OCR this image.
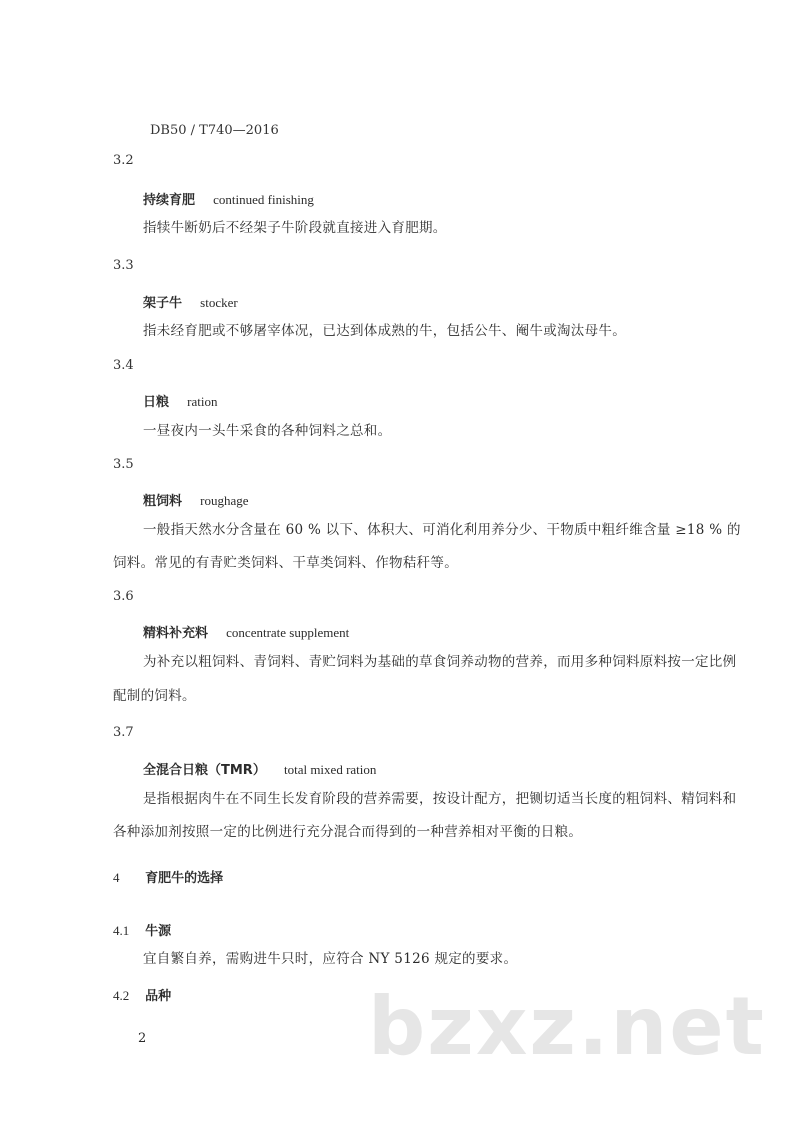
DB50 / T740—2016
3.2
持续育肥 continued finishing
指犊牛断奶后不经架子牛阶段就直接进入育肥期。
3.3
架子牛 stocker
指未经育肥或不够屠宰体况，已达到体成熟的牛，包括公牛、阉牛或淘汰母牛。
3.4
日粮 ration
一昼夜内一头牛采食的各种饲料之总和。
3.5
粗饲料 roughage
一般指天然水分含量在 60 % 以下、体积大、可消化利用养分少、干物质中粗纤维含量 ≥18 % 的
饲料。常见的有青贮类饲料、干草类饲料、作物秸秆等。
3.6
精料补充料 concentrate supplement
为补充以粗饲料、青饲料、青贮饲料为基础的草食饲养动物的营养，而用多种饲料原料按一定比例
配制的饲料。
3.7
全混合日粮（TMR） total mixed ration
是指根据肉牛在不同生长发育阶段的营养需要，按设计配方，把铡切适当长度的粗饲料、精饲料和
各种添加剂按照一定的比例进行充分混合而得到的一种营养相对平衡的日粮。
4 育肥牛的选择
4.1 牛源
宜自繁自养，需购进牛只时，应符合 NY 5126 规定的要求。
4.2 品种
2	bzxz.net
